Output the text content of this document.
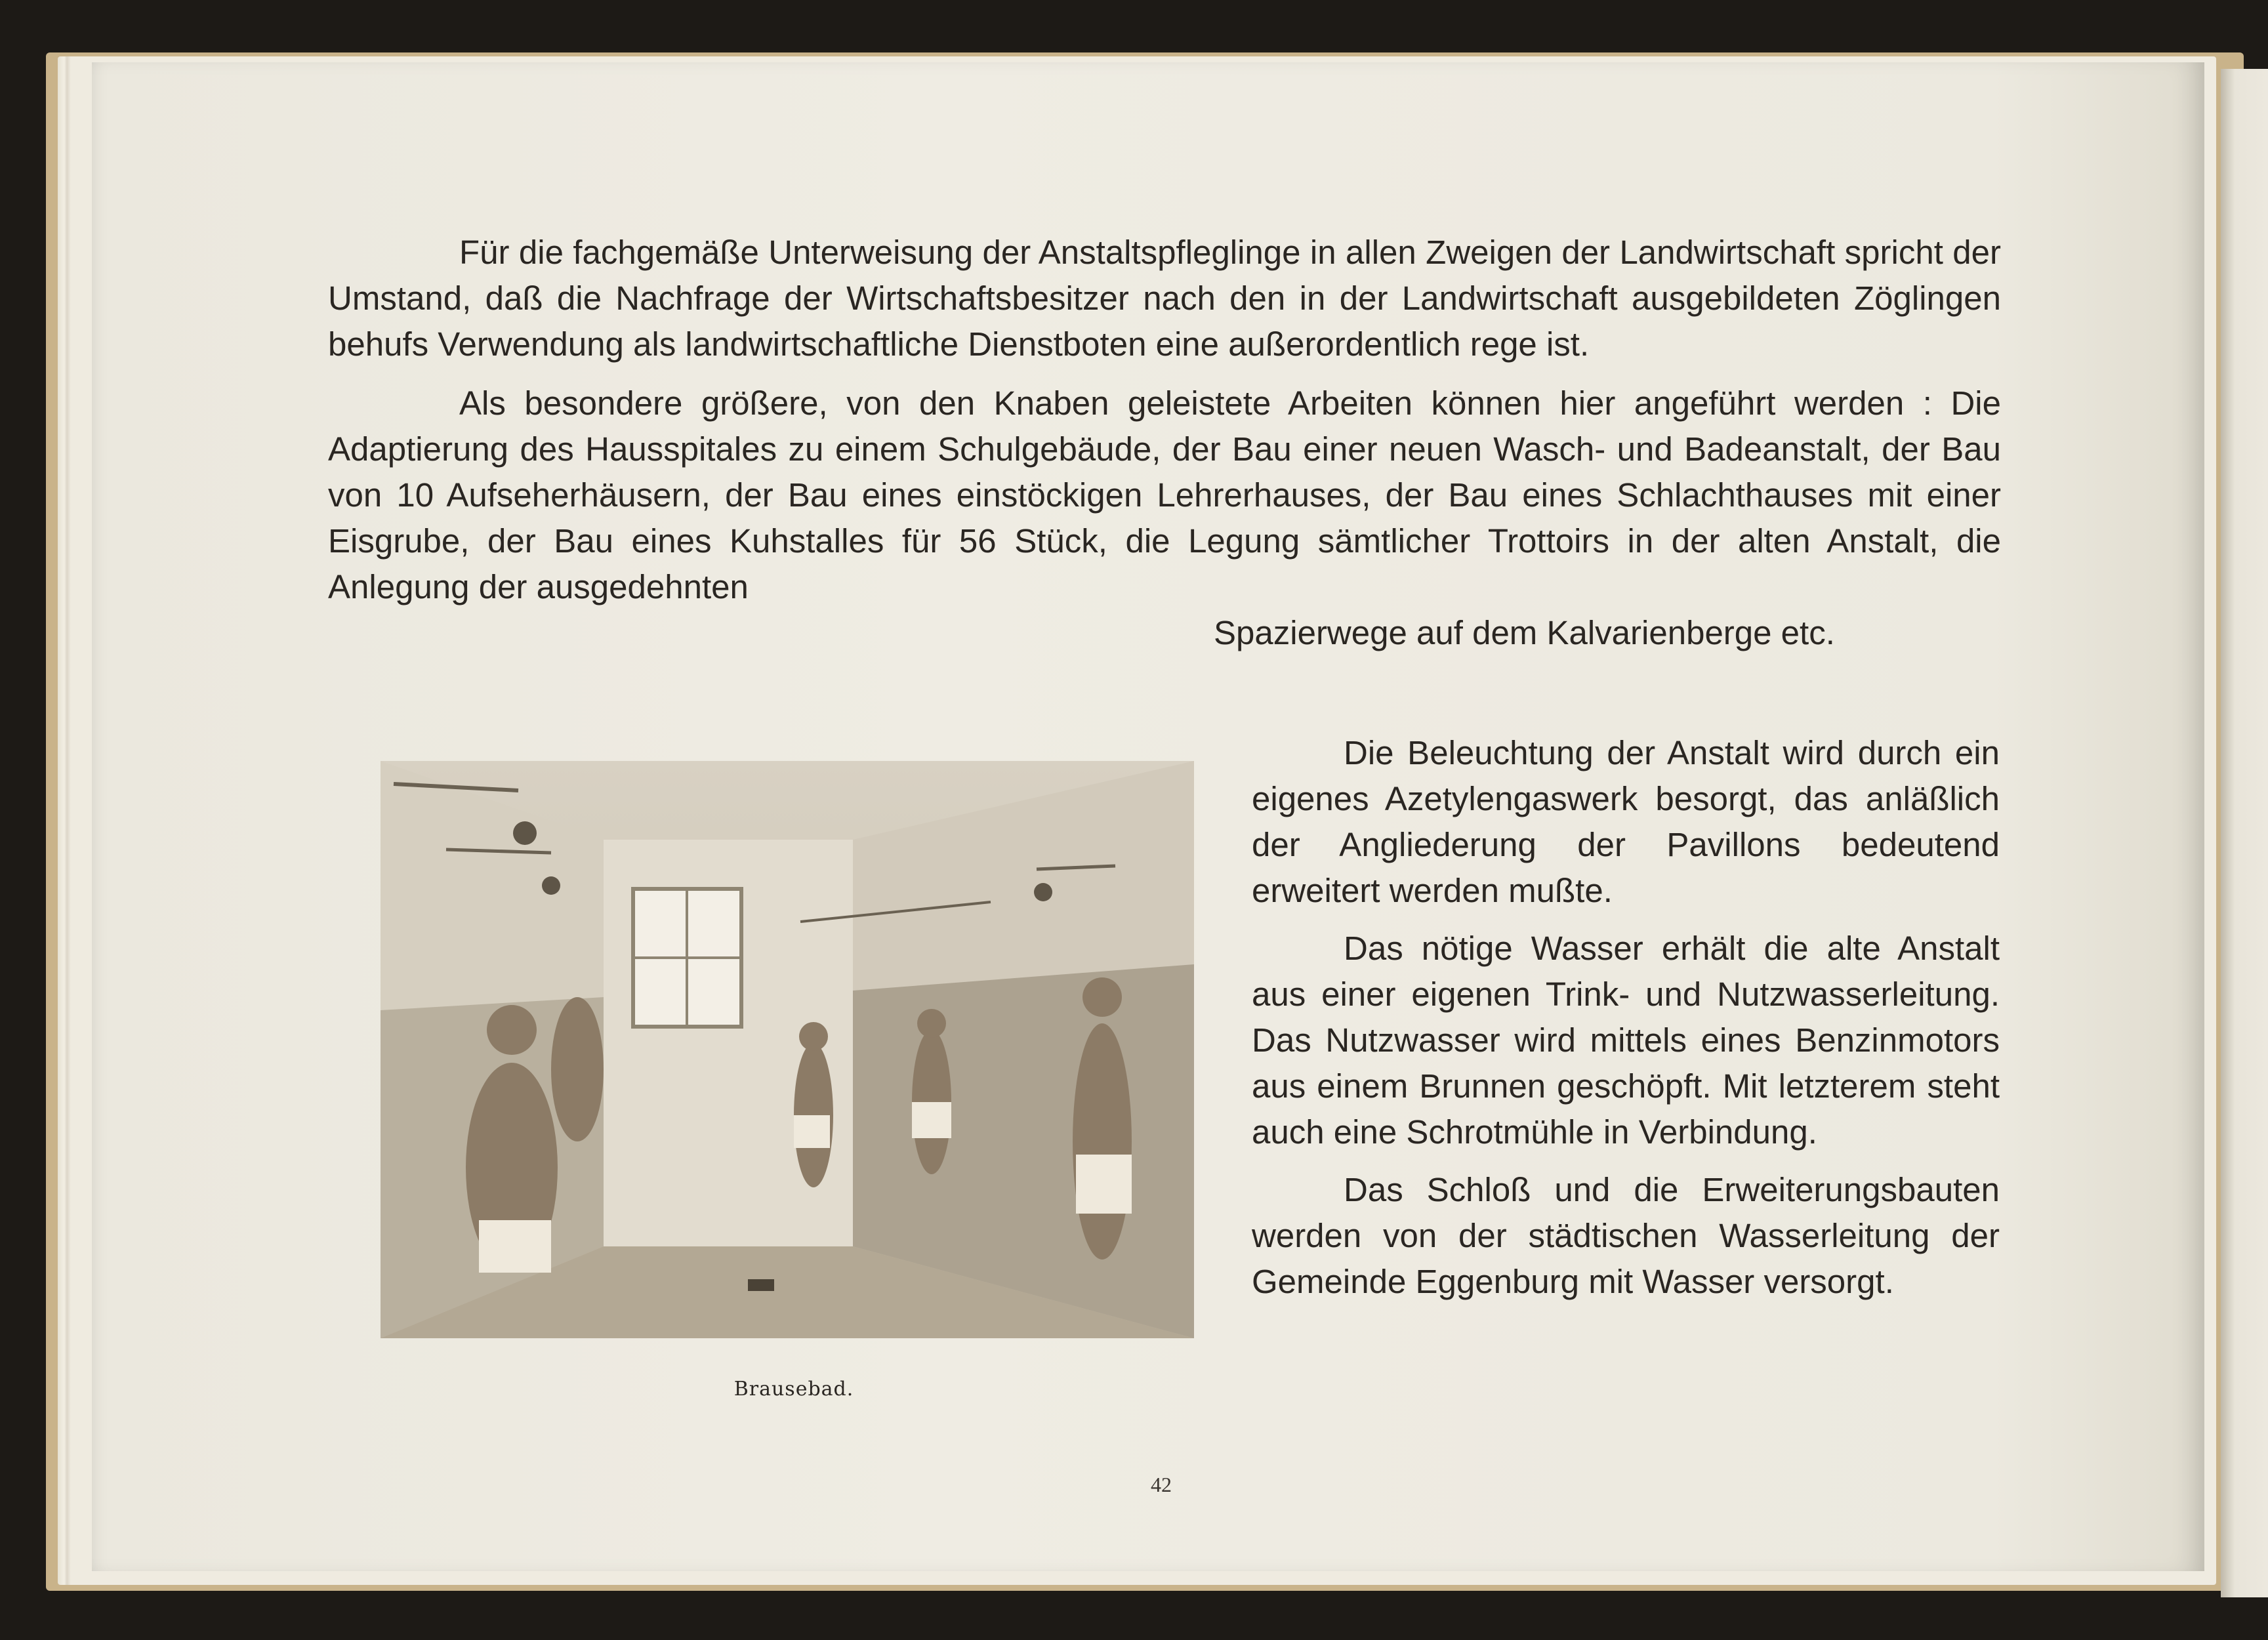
Für die fachgemäße Unterweisung der Anstaltspfleglinge in allen Zweigen der Landwirtschaft spricht der Umstand, daß die Nachfrage der Wirtschaftsbesitzer nach den in der Landwirtschaft ausgebildeten Zöglingen behufs Verwendung als landwirtschaftliche Dienstboten eine außerordentlich rege ist.

Als besondere größere, von den Knaben geleistete Arbeiten können hier angeführt werden : Die Adaptierung des Hausspitales zu einem Schulgebäude, der Bau einer neuen Wasch- und Badeanstalt, der Bau von 10 Aufseherhäusern, der Bau eines einstöckigen Lehrerhauses, der Bau eines Schlachthauses mit einer Eisgrube, der Bau eines Kuhstalles für 56 Stück, die Legung sämtlicher Trottoirs in der alten Anstalt, die Anlegung der ausgedehnten

Spazierwege auf dem Kalvarienberge etc.

Brausebad.

Die Beleuchtung der Anstalt wird durch ein eigenes Azetylengaswerk besorgt, das anläßlich der Angliederung der Pavillons bedeutend erweitert werden mußte.

Das nötige Wasser erhält die alte Anstalt aus einer eigenen Trink- und Nutzwasserleitung. Das Nutzwasser wird mittels eines Benzinmotors aus einem Brunnen geschöpft. Mit letzterem steht auch eine Schrotmühle in Verbindung.

Das Schloß und die Erweiterungsbauten werden von der städtischen Wasserleitung der Gemeinde Eggenburg mit Wasser versorgt.

42
